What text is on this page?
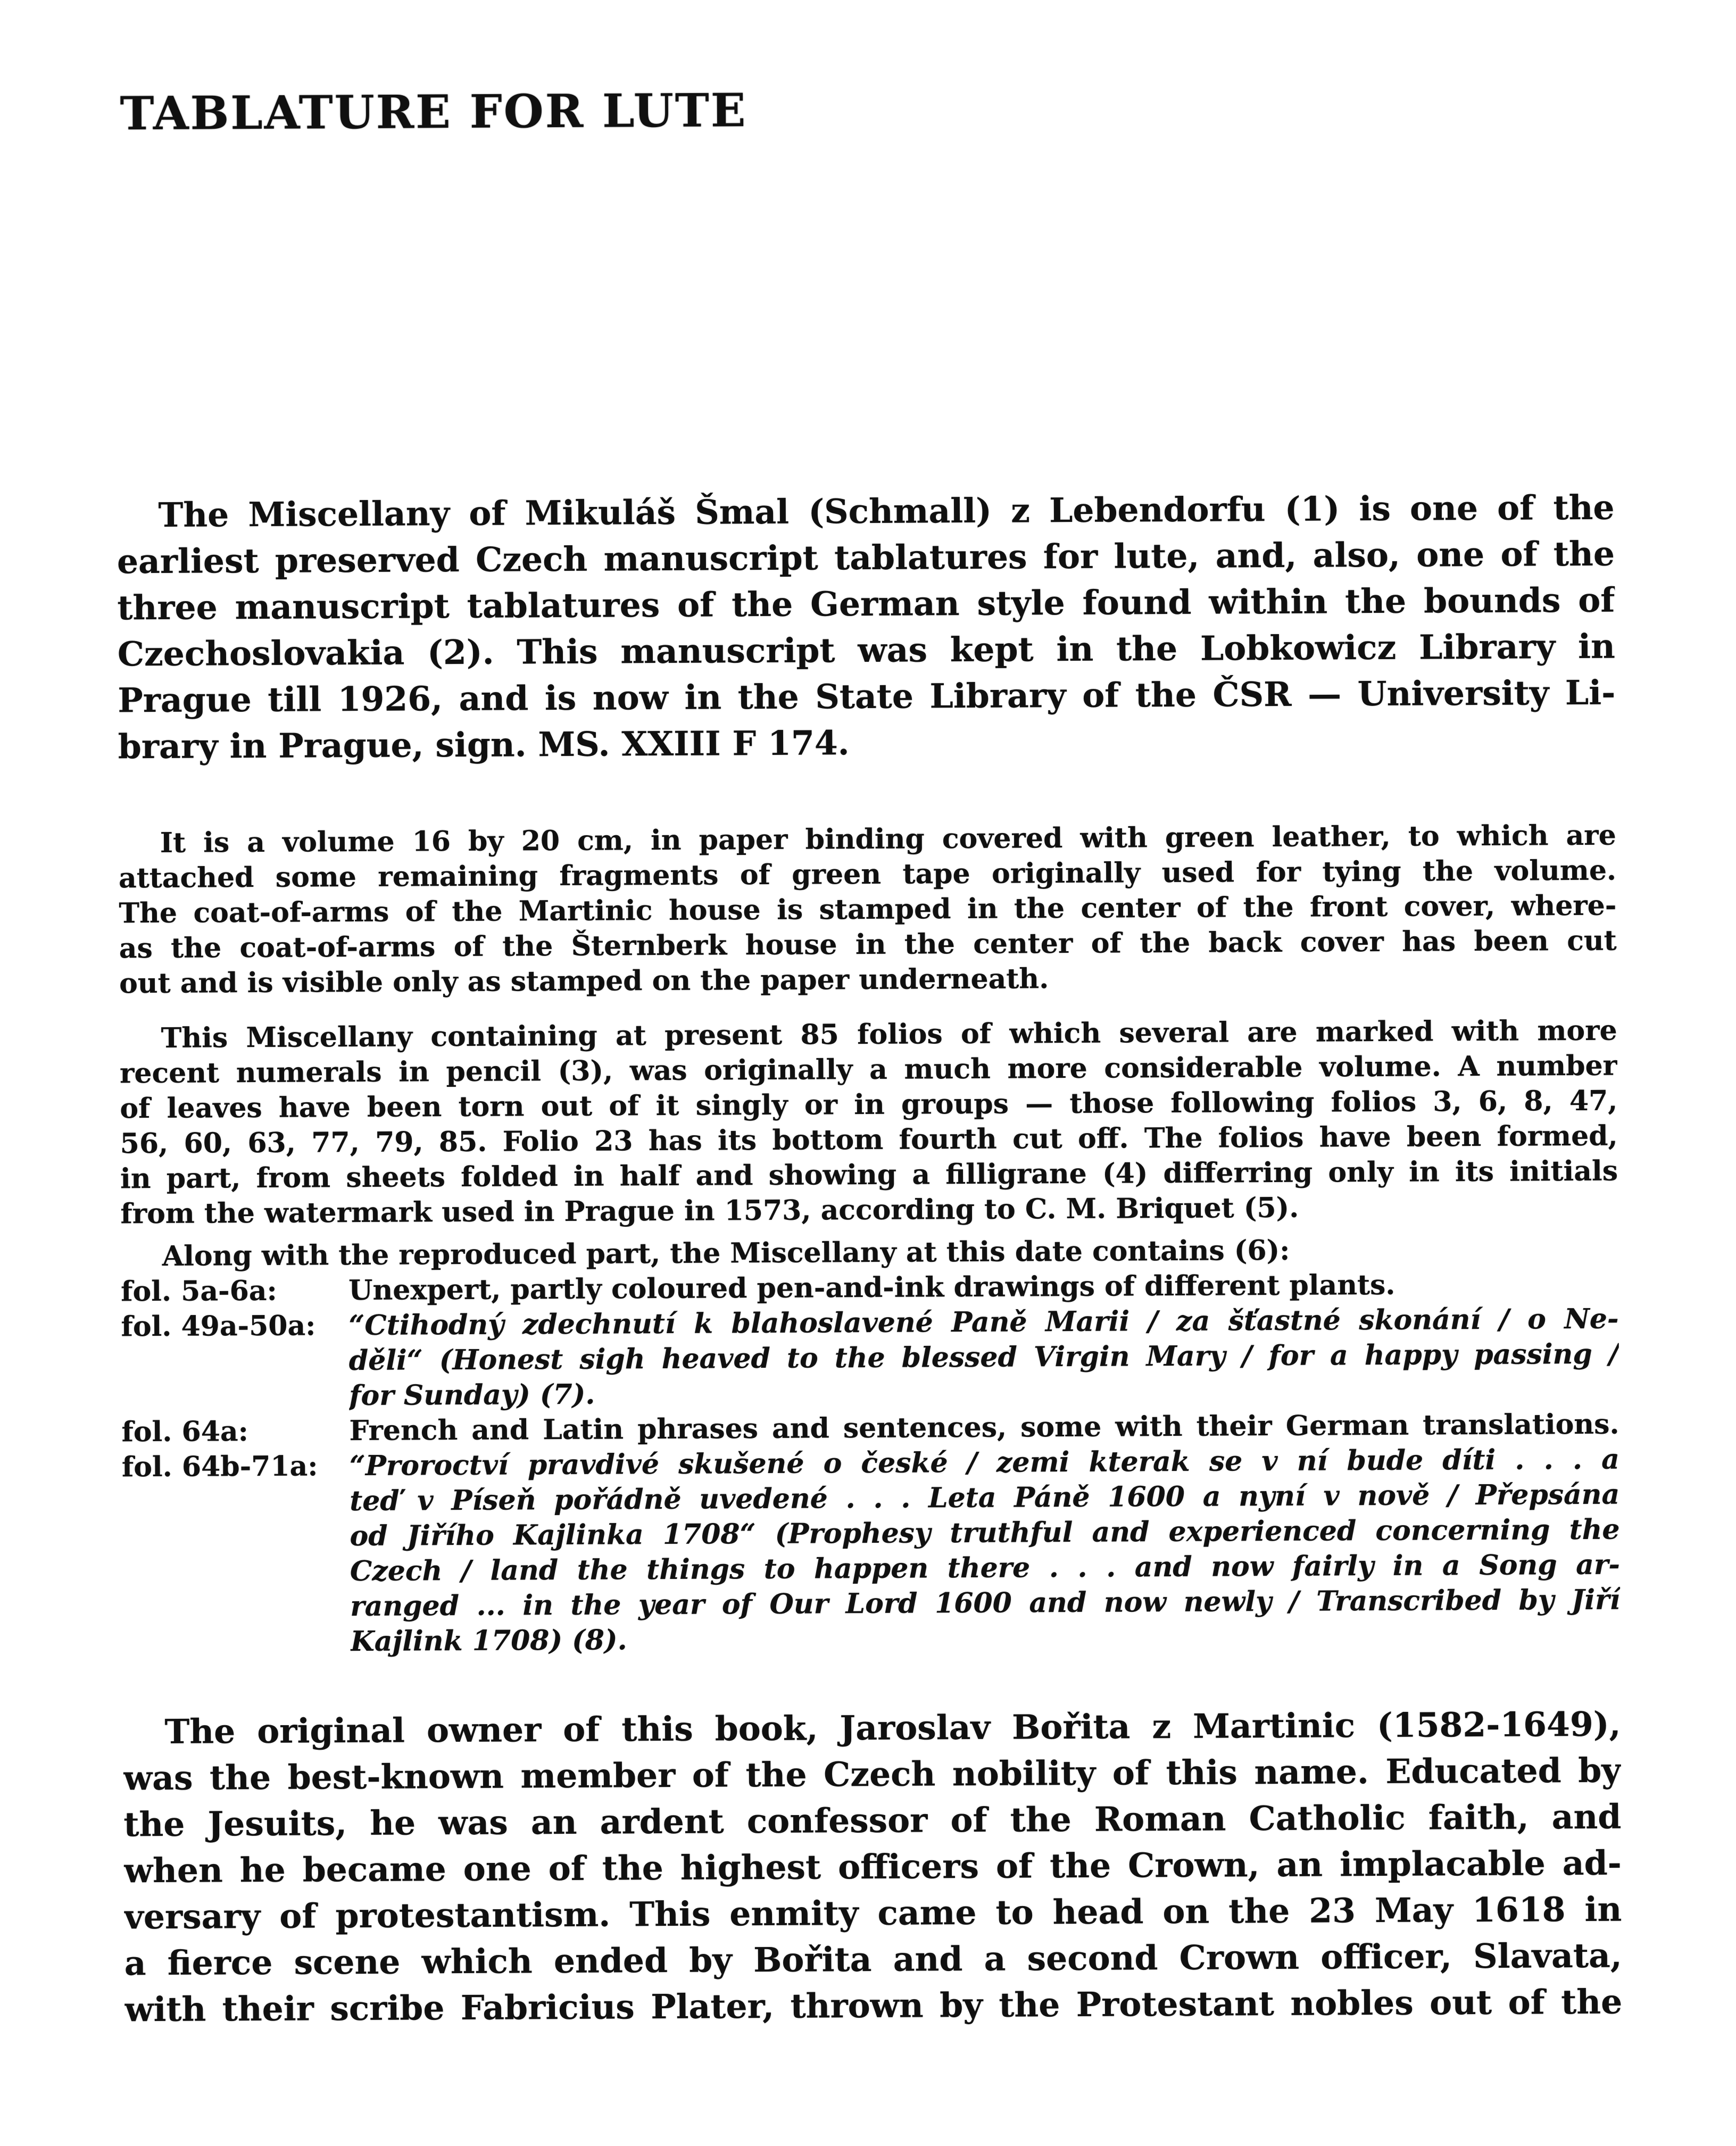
TABLATURE FOR LUTE
The Miscellany of Mikuláš Šmal (Schmall) z Lebendorfu (1) is one of the
earliest preserved Czech manuscript tablatures for lute, and, also, one of the
three manuscript tablatures of the German style found within the bounds of
Czechoslovakia (2). This manuscript was kept in the Lobkowicz Library in
Prague till 1926, and is now in the State Library of the ČSR — University Li-
brary in Prague, sign. MS. XXIII F 174.
It is a volume 16 by 20 cm, in paper binding covered with green leather, to which are
attached some remaining fragments of green tape originally used for tying the volume.
The coat-of-arms of the Martinic house is stamped in the center of the front cover, where-
as the coat-of-arms of the Šternberk house in the center of the back cover has been cut
out and is visible only as stamped on the paper underneath.
This Miscellany containing at present 85 folios of which several are marked with more
recent numerals in pencil (3), was originally a much more considerable volume. A number
of leaves have been torn out of it singly or in groups — those following folios 3, 6, 8, 47,
56, 60, 63, 77, 79, 85. Folio 23 has its bottom fourth cut off. The folios have been formed,
in part, from sheets folded in half and showing a filligrane (4) differring only in its initials
from the watermark used in Prague in 1573, according to C. M. Briquet (5).
Along with the reproduced part, the Miscellany at this date contains (6):
fol. 5a-6a:	Unexpert, partly coloured pen-and-ink drawings of different plants.
fol. 49a-50a:	“Ctihodný zdechnutí k blahoslavené Paně Marii / za šťastné skonání / o Ne-
děli“ (Honest sigh heaved to the blessed Virgin Mary / for a happy passing /
for Sunday) (7).
fol. 64a:	French and Latin phrases and sentences, some with their German translations.
fol. 64b-71a:	“Proroctví pravdivé skušené o české / zemi kterak se v ní bude díti . . . a
teď v Píseň pořádně uvedené . . . Leta Páně 1600 a nyní v nově / Přepsána
od Jiřího Kajlinka 1708“ (Prophesy truthful and experienced concerning the
Czech / land the things to happen there . . . and now fairly in a Song ar-
ranged ... in the year of Our Lord 1600 and now newly / Transcribed by Jiří
Kajlink 1708) (8).
The original owner of this book, Jaroslav Bořita z Martinic (1582-1649),
was the best-known member of the Czech nobility of this name. Educated by
the Jesuits, he was an ardent confessor of the Roman Catholic faith, and
when he became one of the highest officers of the Crown, an implacable ad-
versary of protestantism. This enmity came to head on the 23 May 1618 in
a fierce scene which ended by Bořita and a second Crown officer, Slavata,
with their scribe Fabricius Plater, thrown by the Protestant nobles out of the
